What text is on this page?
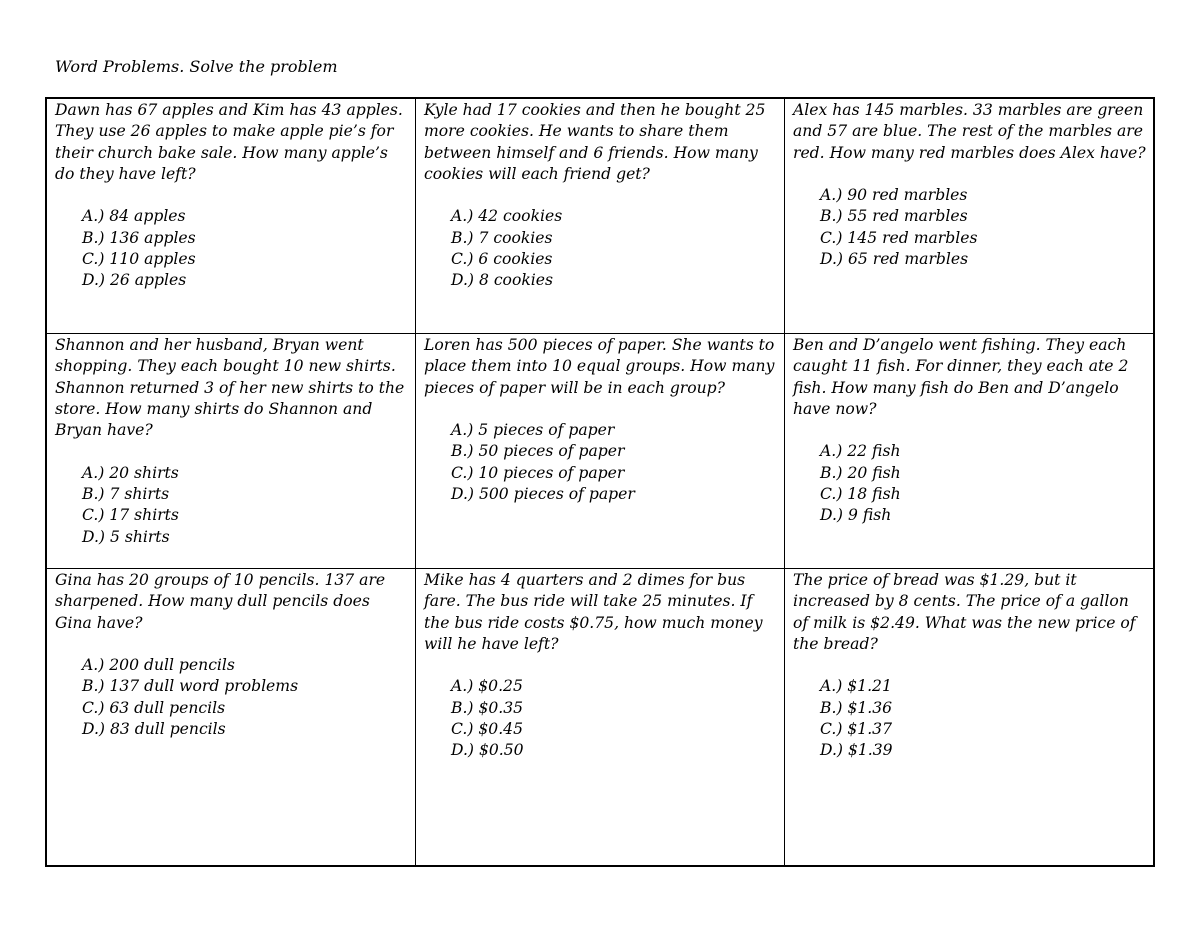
Word Problems. Solve the problem

Dawn has 67 apples and Kim has 43 apples. They use 26 apples to make apple pie’s for their church bake sale. How many apple’s do they have left?

A.) 84 apples
B.) 136 apples
C.) 110 apples
D.) 26 apples

Kyle had 17 cookies and then he bought 25 more cookies. He wants to share them between himself and 6 friends. How many cookies will each friend get?

A.) 42 cookies
B.) 7 cookies
C.) 6 cookies
D.) 8 cookies

Alex has 145 marbles. 33 marbles are green and 57 are blue. The rest of the marbles are red. How many red marbles does Alex have?

A.) 90 red marbles
B.) 55 red marbles
C.) 145 red marbles
D.) 65 red marbles

Shannon and her husband, Bryan went shopping. They each bought 10 new shirts. Shannon returned 3 of her new shirts to the store. How many shirts do Shannon and Bryan have?

A.) 20 shirts
B.) 7 shirts
C.) 17 shirts
D.) 5 shirts

Loren has 500 pieces of paper. She wants to place them into 10 equal groups. How many pieces of paper will be in each group?

A.) 5 pieces of paper
B.) 50 pieces of paper
C.) 10 pieces of paper
D.) 500 pieces of paper

Ben and D’angelo went fishing. They each caught 11 fish. For dinner, they each ate 2 fish. How many fish do Ben and D’angelo have now?

A.) 22 fish
B.) 20 fish
C.) 18 fish
D.) 9 fish

Gina has 20 groups of 10 pencils. 137 are sharpened. How many dull pencils does Gina have?

A.) 200 dull pencils
B.) 137 dull word problems
C.) 63 dull pencils
D.) 83 dull pencils

Mike has 4 quarters and 2 dimes for bus fare. The bus ride will take 25 minutes. If the bus ride costs $0.75, how much money will he have left?

A.) $0.25
B.) $0.35
C.) $0.45
D.) $0.50

The price of bread was $1.29, but it increased by 8 cents. The price of a gallon of milk is $2.49. What was the new price of the bread?

A.) $1.21
B.) $1.36
C.) $1.37
D.) $1.39
